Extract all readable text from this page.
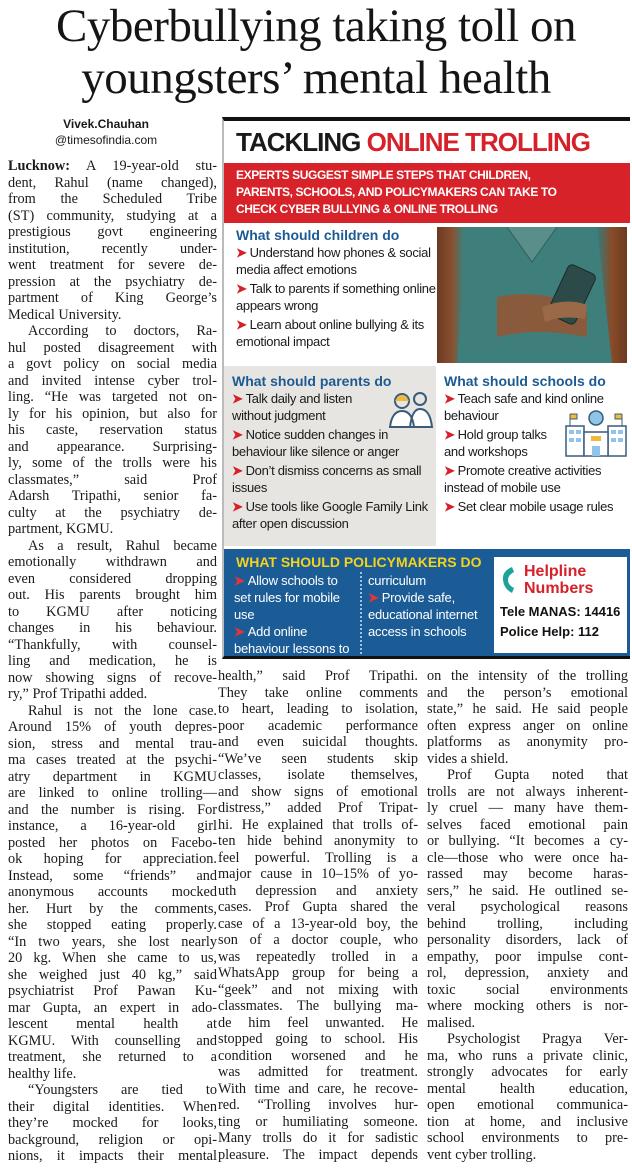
Cyberbullying taking toll on
youngsters’ mental health
Vivek.Chauhan
@timesofindia.com
Lucknow: A 19-year-old stu-
dent, Rahul (name changed),
from the Scheduled Tribe
(ST) community, studying at a
prestigious govt engineering
institution, recently under-
went treatment for severe de-
pression at the psychiatry de-
partment of King George’s
Medical University.
According to doctors, Ra-
hul posted disagreement with
a govt policy on social media
and invited intense cyber trol-
ling. “He was targeted not on-
ly for his opinion, but also for
his caste, reservation status
and appearance. Surprising-
ly, some of the trolls were his
classmates,” said Prof
Adarsh Tripathi, senior fa-
culty at the psychiatry de-
partment, KGMU.
As a result, Rahul became
emotionally withdrawn and
even considered dropping
out. His parents brought him
to KGMU after noticing
changes in his behaviour.
“Thankfully, with counsel-
ling and medication, he is
now showing signs of recove-
ry,” Prof Tripathi added.
Rahul is not the lone case.
Around 15% of youth depres-
sion, stress and mental trau-
ma cases treated at the psychi-
atry department in KGMU
are linked to online trolling—
and the number is rising. For
instance, a 16-year-old girl
posted her photos on Facebo-
ok hoping for appreciation.
Instead, some “friends” and
anonymous accounts mocked
her. Hurt by the comments,
she stopped eating properly.
“In two years, she lost nearly
20 kg. When she came to us,
she weighed just 40 kg,” said
psychiatrist Prof Pawan Ku-
mar Gupta, an expert in ado-
lescent mental health at
KGMU. With counselling and
treatment, she returned to a
healthy life.
“Youngsters are tied to
their digital identities. When
they’re mocked for looks,
background, religion or opi-
nions, it impacts their mental
health,” said Prof Tripathi.
They take online comments
to heart, leading to isolation,
poor academic performance
and even suicidal thoughts.
“We’ve seen students skip
classes, isolate themselves,
and show signs of emotional
distress,” added Prof Tripat-
hi. He explained that trolls of-
ten hide behind anonymity to
feel powerful. Trolling is a
major cause in 10–15% of yo-
uth depression and anxiety
cases. Prof Gupta shared the
case of a 13-year-old boy, the
son of a doctor couple, who
was repeatedly trolled in a
WhatsApp group for being a
“geek” and not mixing with
classmates. The bullying ma-
de him feel unwanted. He
stopped going to school. His
condition worsened and he
was admitted for treatment.
With time and care, he recove-
red. “Trolling involves hur-
ting or humiliating someone.
Many trolls do it for sadistic
pleasure. The impact depends
on the intensity of the trolling
and the person’s emotional
state,” he said. He said people
often express anger on online
platforms as anonymity pro-
vides a shield.
Prof Gupta noted that
trolls are not always inherent-
ly cruel — many have them-
selves faced emotional pain
or bullying. “It becomes a cy-
cle—those who were once ha-
rassed may become haras-
sers,” he said. He outlined se-
veral psychological reasons
behind trolling, including
personality disorders, lack of
empathy, poor impulse cont-
rol, depression, anxiety and
toxic social environments
where mocking others is nor-
malised.
Psychologist Pragya Ver-
ma, who runs a private clinic,
strongly advocates for early
mental health education,
open emotional communica-
tion at home, and inclusive
school environments to pre-
vent cyber trolling.
TACKLING ONLINE TROLLING
EXPERTS SUGGEST SIMPLE STEPS THAT CHILDREN,
PARENTS, SCHOOLS, AND POLICYMAKERS CAN TAKE TO
CHECK CYBER BULLYING & ONLINE TROLLING
What should children do
➤ Understand how phones & social media affect emotions
➤ Talk to parents if something online appears wrong
➤ Learn about online bullying & its emotional impact
What should parents do
➤ Talk daily and listen without judgment
➤ Notice sudden changes in behaviour like silence or anger
➤ Don’t dismiss concerns as small issues
➤ Use tools like Google Family Link after open discussion
What should schools do
➤ Teach safe and kind online behaviour
➤ Hold group talks and workshops
➤ Promote creative activities instead of mobile use
➤ Set clear mobile usage rules
WHAT SHOULD POLICYMAKERS DO
➤ Allow schools to set rules for mobile use
➤ Add online behaviour lessons to curriculum
➤ Provide safe, educational internet access in schools
Helpline
Numbers
Tele MANAS: 14416
Police Help: 112
